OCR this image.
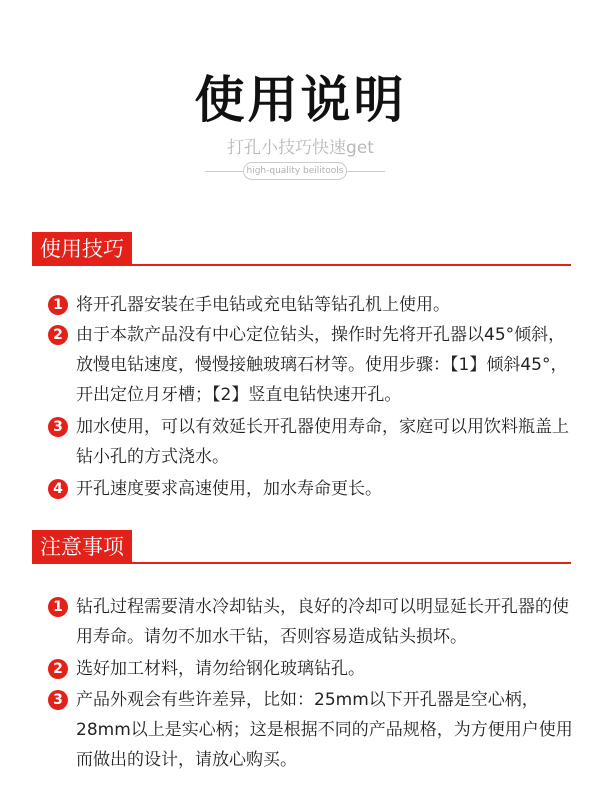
使用说明
打孔小技巧快速get
high-quality beilitools
使用技巧
1 将开孔器安装在手电钻或充电钻等钻孔机上使用。
2 由于本款产品没有中心定位钻头，操作时先将开孔器以45°倾斜，放慢电钻速度，慢慢接触玻璃石材等。使用步骤：【1】倾斜45°，开出定位月牙槽；【2】竖直电钻快速开孔。
3 加水使用，可以有效延长开孔器使用寿命，家庭可以用饮料瓶盖上钻小孔的方式浇水。
4 开孔速度要求高速使用，加水寿命更长。
注意事项
1 钻孔过程需要清水冷却钻头，良好的冷却可以明显延长开孔器的使用寿命。请勿不加水干钻，否则容易造成钻头损坏。
2 选好加工材料，请勿给钢化玻璃钻孔。
3 产品外观会有些许差异，比如：25mm以下开孔器是空心柄，28mm以上是实心柄；这是根据不同的产品规格，为方便用户使用而做出的设计，请放心购买。
